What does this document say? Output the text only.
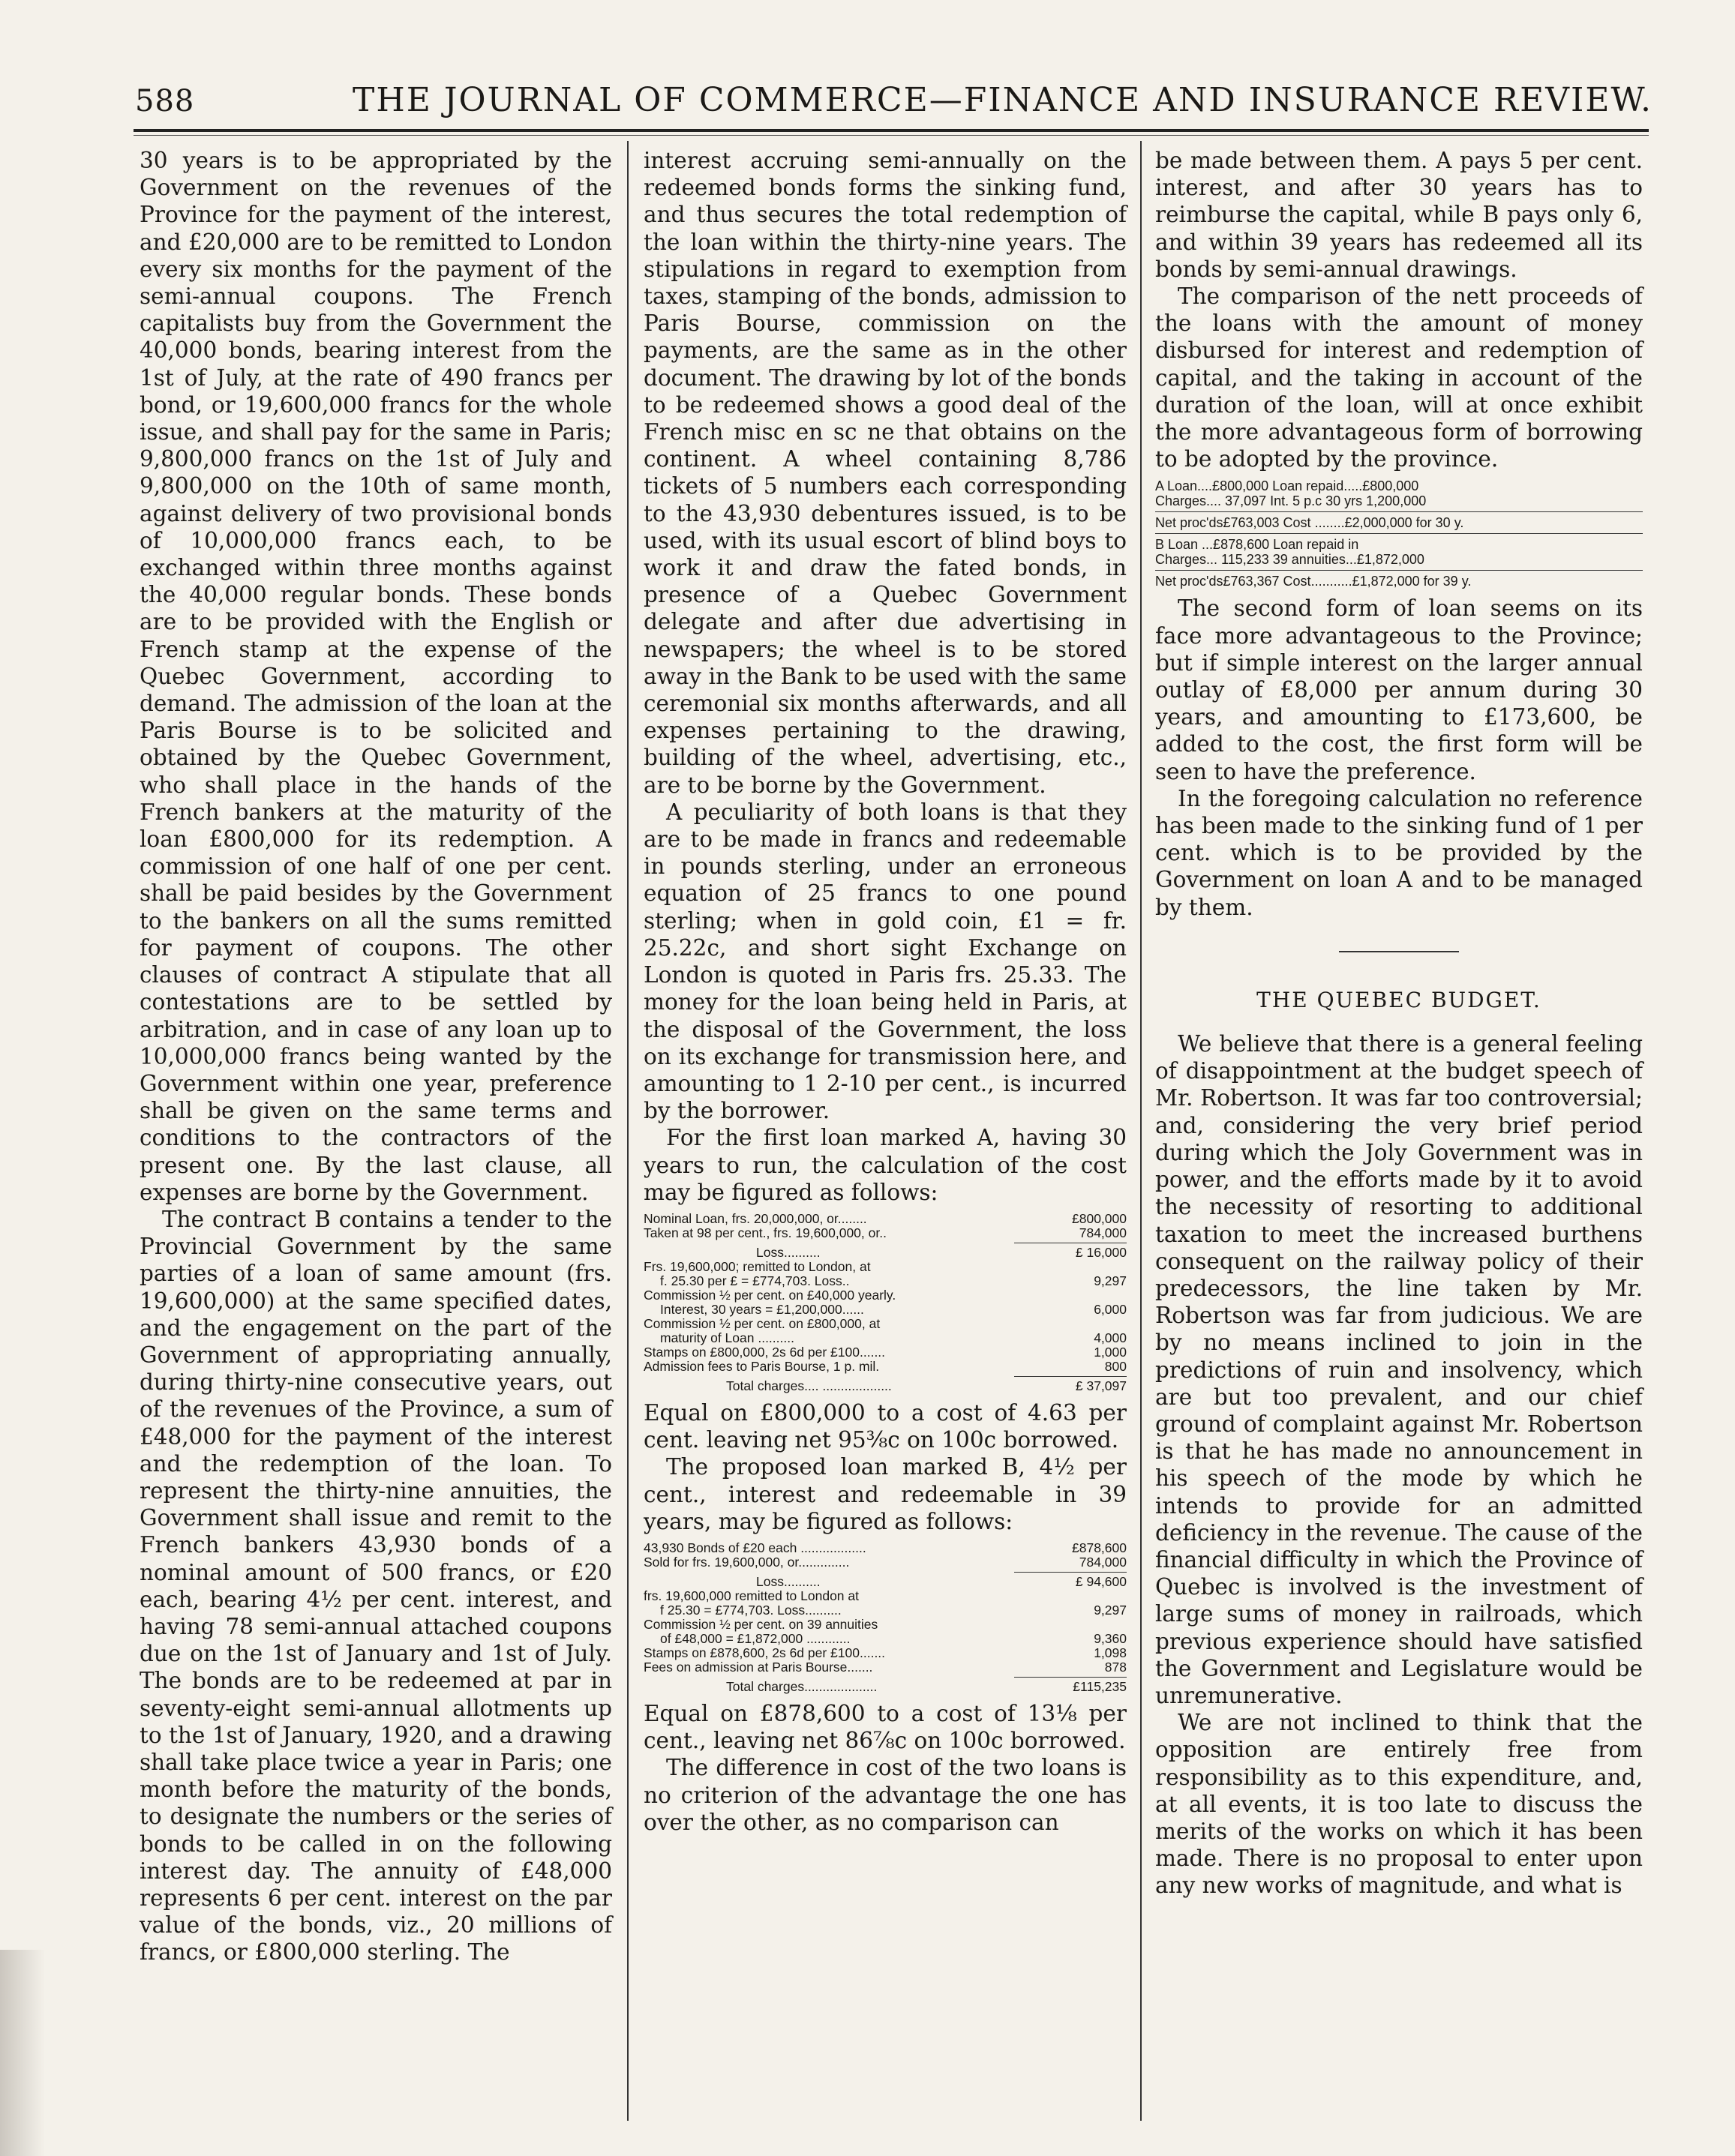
588	THE JOURNAL OF COMMERCE—FINANCE AND INSURANCE REVIEW.

30 years is to be appropriated by the Government on the revenues of the Province for the payment of the interest, and £20,000 are to be remitted to London every six months for the payment of the semi-annual coupons. The French capitalists buy from the Government the 40,000 bonds, bearing interest from the 1st of July, at the rate of 490 francs per bond, or 19,600,000 francs for the whole issue, and shall pay for the same in Paris; 9,800,000 francs on the 1st of July and 9,800,000 on the 10th of same month, against delivery of two provisional bonds of 10,000,000 francs each, to be exchanged within three months against the 40,000 regular bonds. These bonds are to be provided with the English or French stamp at the expense of the Quebec Government, according to demand. The admission of the loan at the Paris Bourse is to be solicited and obtained by the Quebec Government, who shall place in the hands of the French bankers at the maturity of the loan £800,000 for its redemption. A commission of one half of one per cent. shall be paid besides by the Government to the bankers on all the sums remitted for payment of coupons. The other clauses of contract A stipulate that all contestations are to be settled by arbitration, and in case of any loan up to 10,000,000 francs being wanted by the Government within one year, preference shall be given on the same terms and conditions to the contractors of the present one. By the last clause, all expenses are borne by the Government.

The contract B contains a tender to the Provincial Government by the same parties of a loan of same amount (frs. 19,600,000) at the same specified dates, and the engagement on the part of the Government of appropriating annually, during thirty-nine consecutive years, out of the revenues of the Province, a sum of £48,000 for the payment of the interest and the redemption of the loan. To represent the thirty-nine annuities, the Government shall issue and remit to the French bankers 43,930 bonds of a nominal amount of 500 francs, or £20 each, bearing 4½ per cent. interest, and having 78 semi-annual attached coupons due on the 1st of January and 1st of July. The bonds are to be redeemed at par in seventy-eight semi-annual allotments up to the 1st of January, 1920, and a drawing shall take place twice a year in Paris; one month before the maturity of the bonds, to designate the numbers or the series of bonds to be called in on the following interest day. The annuity of £48,000 represents 6 per cent. interest on the par value of the bonds, viz., 20 millions of francs, or £800,000 sterling. The

interest accruing semi-annually on the redeemed bonds forms the sinking fund, and thus secures the total redemption of the loan within the thirty-nine years. The stipulations in regard to exemption from taxes, stamping of the bonds, admission to Paris Bourse, commission on the payments, are the same as in the other document. The drawing by lot of the bonds to be redeemed shows a good deal of the French misc en sc ne that obtains on the continent. A wheel containing 8,786 tickets of 5 numbers each corresponding to the 43,930 debentures issued, is to be used, with its usual escort of blind boys to work it and draw the fated bonds, in presence of a Quebec Government delegate and after due advertising in newspapers; the wheel is to be stored away in the Bank to be used with the same ceremonial six months afterwards, and all expenses pertaining to the drawing, building of the wheel, advertising, etc., are to be borne by the Government.

A peculiarity of both loans is that they are to be made in francs and redeemable in pounds sterling, under an erroneous equation of 25 francs to one pound sterling; when in gold coin, £1 = fr. 25.22c, and short sight Exchange on London is quoted in Paris frs. 25.33. The money for the loan being held in Paris, at the disposal of the Government, the loss on its exchange for transmission here, and amounting to 1 2-10 per cent., is incurred by the borrower.

For the first loan marked A, having 30 years to run, the calculation of the cost may be figured as follows:

Nominal Loan, frs. 20,000,000, or........	£800,000
Taken at 98 per cent., frs. 19,600,000, or..	784,000
Loss..........	£ 16,000
Frs. 19,600,000; remitted to London, at
f. 25.30 per £ = £774,703. Loss..	9,297
Commission ½ per cent. on £40,000 yearly.
Interest, 30 years = £1,200,000......	6,000
Commission ½ per cent. on £800,000, at
maturity of Loan ..........	4,000
Stamps on £800,000, 2s 6d per £100.......	1,000
Admission fees to Paris Bourse, 1 p. mil.	800
Total charges.... ...................	£ 37,097

Equal on £800,000 to a cost of 4.63 per cent. leaving net 95⅜c on 100c borrowed.

The proposed loan marked B, 4½ per cent., interest and redeemable in 39 years, may be figured as follows:

43,930 Bonds of £20 each ..................	£878,600
Sold for frs. 19,600,000, or..............	784,000
Loss..........	£ 94,600
frs. 19,600,000 remitted to London at
f 25.30 = £774,703. Loss..........	9,297
Commission ½ per cent. on 39 annuities
of £48,000 = £1,872,000 ............	9,360
Stamps on £878,600, 2s 6d per £100.......	1,098
Fees on admission at Paris Bourse.......	878
Total charges....................	£115,235

Equal on £878,600 to a cost of 13⅛ per cent., leaving net 86⅞c on 100c borrowed.

The difference in cost of the two loans is no criterion of the advantage the one has over the other, as no comparison can

be made between them. A pays 5 per cent. interest, and after 30 years has to reimburse the capital, while B pays only 6, and within 39 years has redeemed all its bonds by semi-annual drawings.

The comparison of the nett proceeds of the loans with the amount of money disbursed for interest and redemption of capital, and the taking in account of the duration of the loan, will at once exhibit the more advantageous form of borrowing to be adopted by the province.

A Loan....£800,000 Loan repaid.....£800,000
Charges.... 37,097 Int. 5 p.c 30 yrs 1,200,000
Net proc'ds£763,003 Cost ........£2,000,000 for 30 y.
B Loan ...£878,600 Loan repaid in
Charges... 115,233 39 annuities...£1,872,000
Net proc'ds£763,367 Cost...........£1,872,000 for 39 y.

The second form of loan seems on its face more advantageous to the Province; but if simple interest on the larger annual outlay of £8,000 per annum during 30 years, and amounting to £173,600, be added to the cost, the first form will be seen to have the preference.

In the foregoing calculation no reference has been made to the sinking fund of 1 per cent. which is to be provided by the Government on loan A and to be managed by them.

THE QUEBEC BUDGET.

We believe that there is a general feeling of disappointment at the budget speech of Mr. Robertson. It was far too controversial; and, considering the very brief period during which the Joly Government was in power, and the efforts made by it to avoid the necessity of resorting to additional taxation to meet the increased burthens consequent on the railway policy of their predecessors, the line taken by Mr. Robertson was far from judicious. We are by no means inclined to join in the predictions of ruin and insolvency, which are but too prevalent, and our chief ground of complaint against Mr. Robertson is that he has made no announcement in his speech of the mode by which he intends to provide for an admitted deficiency in the revenue. The cause of the financial difficulty in which the Province of Quebec is involved is the investment of large sums of money in railroads, which previous experience should have satisfied the Government and Legislature would be unremunerative.

We are not inclined to think that the opposition are entirely free from responsibility as to this expenditure, and, at all events, it is too late to discuss the merits of the works on which it has been made. There is no proposal to enter upon any new works of magnitude, and what is
